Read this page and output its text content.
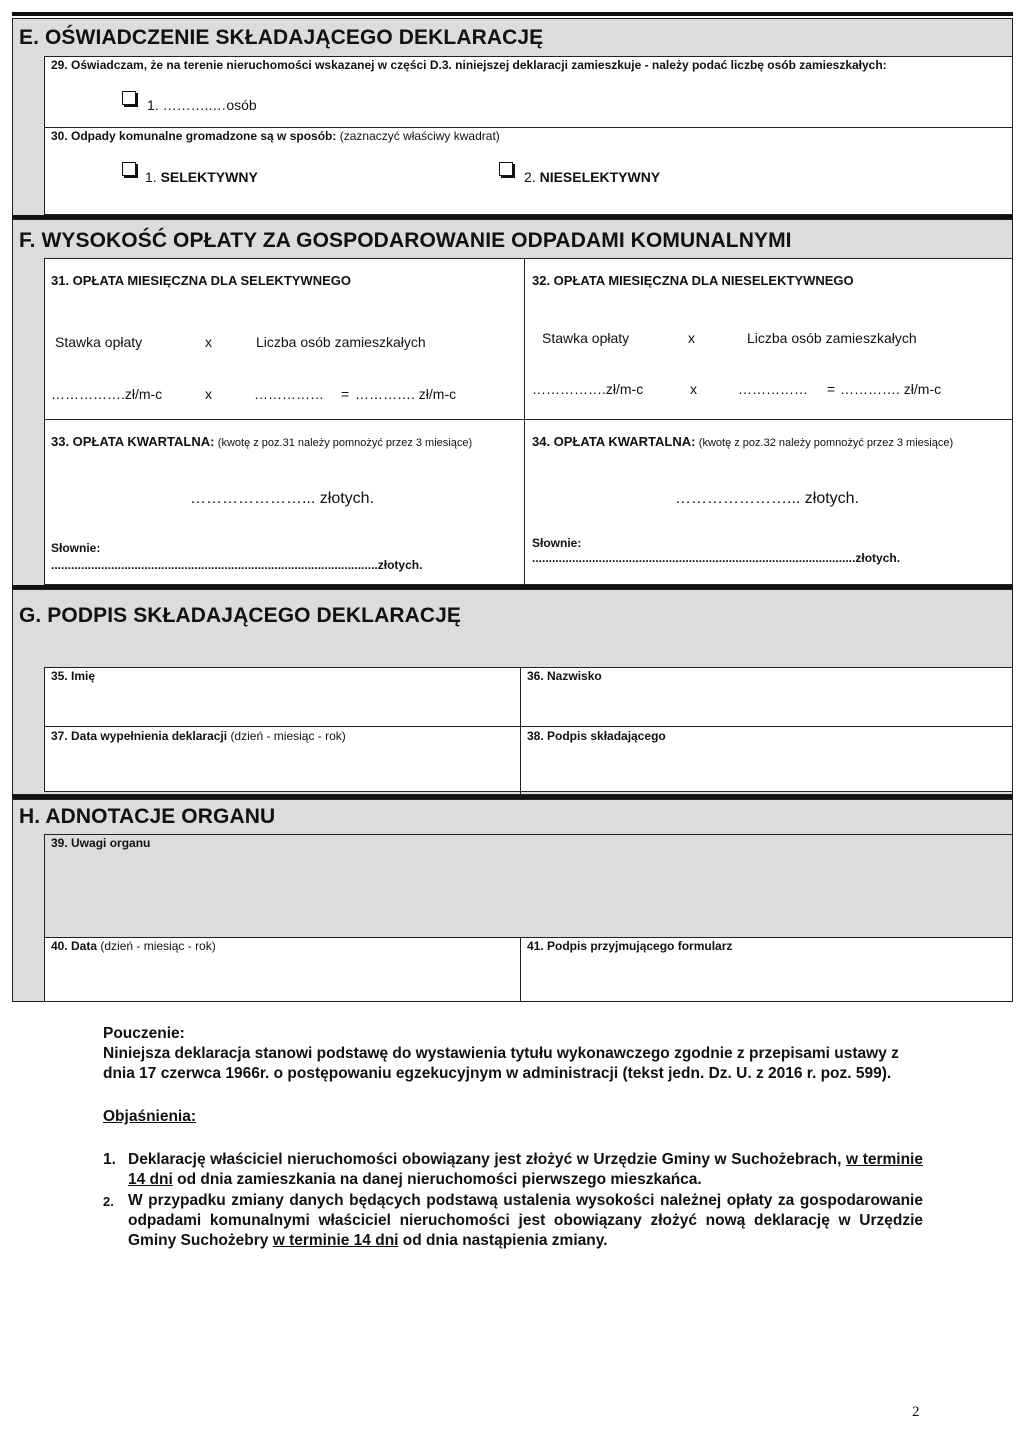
E. OŚWIADCZENIE SKŁADAJĄCEGO DEKLARACJĘ
29. Oświadczam, że na terenie nieruchomości wskazanej w części D.3. niniejszej deklaracji zamieszkuje - należy podać liczbę osób zamieszkałych:
1. ………..…osób
30. Odpady komunalne gromadzone są w sposób: (zaznaczyć właściwy kwadrat)
1. SELEKTYWNY	2. NIESELEKTYWNY
F. WYSOKOŚĆ OPŁATY ZA GOSPODAROWANIE ODPADAMI KOMUNALNYMI
31. OPŁATA MIESIĘCZNA DLA SELEKTYWNEGO
Stawka opłaty	x	Liczba osób zamieszkałych
…………….zł/m-c	x	…………… = …………. zł/m-c
32. OPŁATA MIESIĘCZNA DLA NIESELEKTYWNEGO
Stawka opłaty	x	Liczba osób zamieszkałych
…………….zł/m-c	x	…………… = …………. zł/m-c
33. OPŁATA KWARTALNA: (kwotę z poz.31 należy pomnożyć przez 3 miesiące)
…………………... złotych.
Słownie:
..................................................................................................złotych.
34. OPŁATA KWARTALNA: (kwotę z poz.32 należy pomnożyć przez 3 miesiące)
…………………... złotych.
Słownie:
.................................................................................................złotych.
G. PODPIS SKŁADAJĄCEGO DEKLARACJĘ
35. Imię	36. Nazwisko
37. Data wypełnienia deklaracji (dzień - miesiąc - rok)	38. Podpis składającego
H. ADNOTACJE ORGANU
39. Uwagi organu
40. Data (dzień - miesiąc - rok)	41. Podpis przyjmującego formularz
Pouczenie:
Niniejsza deklaracja stanowi podstawę do wystawienia tytułu wykonawczego zgodnie z przepisami ustawy z dnia 17 czerwca 1966r. o postępowaniu egzekucyjnym w administracji (tekst jedn. Dz. U. z 2016 r. poz. 599).
Objaśnienia:
1. Deklarację właściciel nieruchomości obowiązany jest złożyć w Urzędzie Gminy w Suchożebrach, w terminie 14 dni od dnia zamieszkania na danej nieruchomości pierwszego mieszkańca.
2. W przypadku zmiany danych będących podstawą ustalenia wysokości należnej opłaty za gospodarowanie odpadami komunalnymi właściciel nieruchomości jest obowiązany złożyć nową deklarację w Urzędzie Gminy Suchożebry w terminie 14 dni od dnia nastąpienia zmiany.
2
